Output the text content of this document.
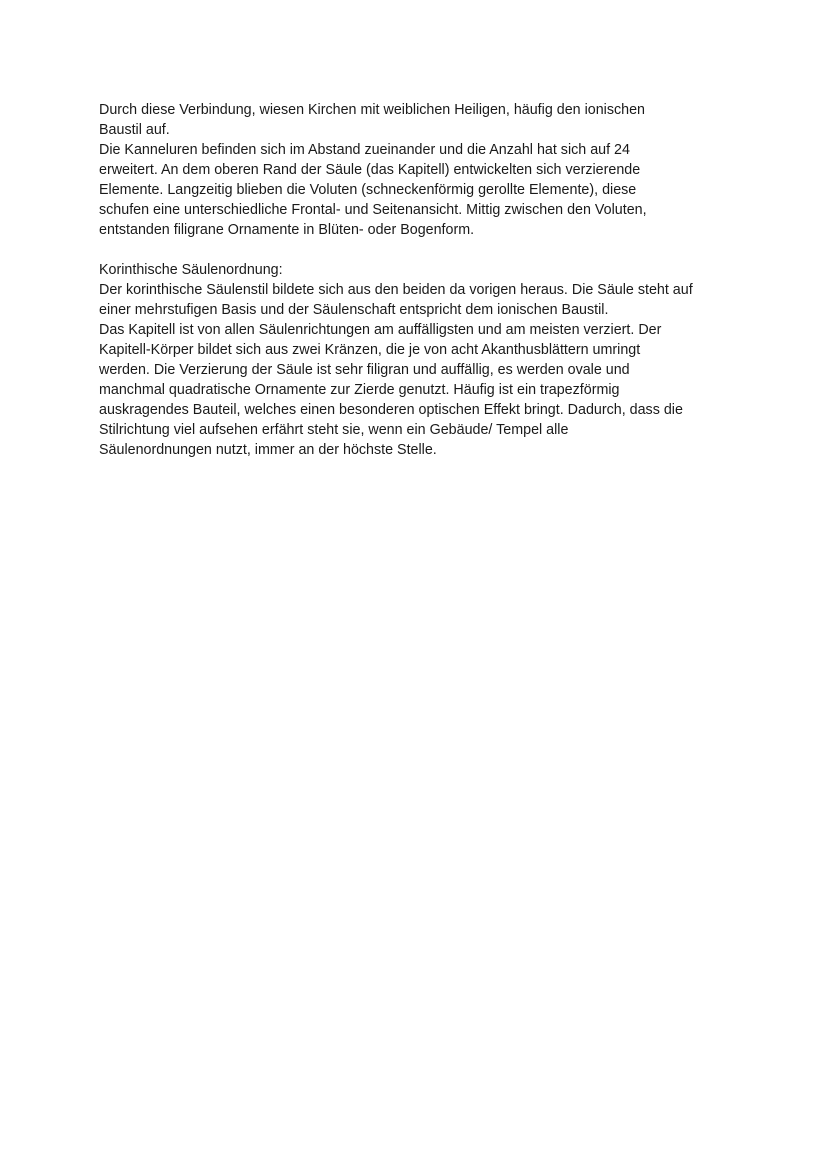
Durch diese Verbindung, wiesen Kirchen mit weiblichen Heiligen, häufig den ionischen
Baustil auf.
Die Kanneluren befinden sich im Abstand zueinander und die Anzahl hat sich auf 24
erweitert. An dem oberen Rand der Säule (das Kapitell) entwickelten sich verzierende
Elemente. Langzeitig blieben die Voluten (schneckenförmig gerollte Elemente), diese
schufen eine unterschiedliche Frontal- und Seitenansicht. Mittig zwischen den Voluten,
entstanden filigrane Ornamente in Blüten- oder Bogenform.
Korinthische Säulenordnung:
Der korinthische Säulenstil bildete sich aus den beiden da vorigen heraus. Die Säule steht auf
einer mehrstufigen Basis und der Säulenschaft entspricht dem ionischen Baustil.
Das Kapitell ist von allen Säulenrichtungen am auffälligsten und am meisten verziert. Der
Kapitell-Körper bildet sich aus zwei Kränzen, die je von acht Akanthusblättern umringt
werden. Die Verzierung der Säule ist sehr filigran und auffällig, es werden ovale und
manchmal quadratische Ornamente zur Zierde genutzt. Häufig ist ein trapezförmig
auskragendes Bauteil, welches einen besonderen optischen Effekt bringt. Dadurch, dass die
Stilrichtung viel aufsehen erfährt steht sie, wenn ein Gebäude/ Tempel alle
Säulenordnungen nutzt, immer an der höchste Stelle.
